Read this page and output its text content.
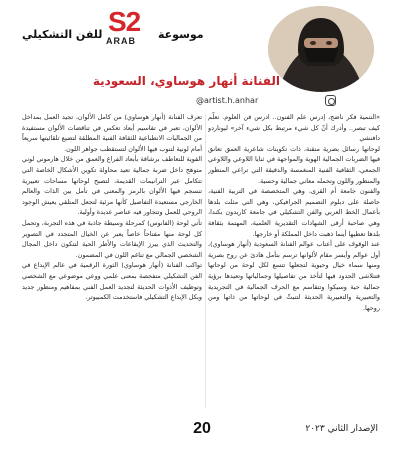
للفن التشكيلي S2
ARAB موسوعة
الفنانة أنهار هوساوي، السعودية
@artist.h.anhar

«التنمية فكر ناضج، إدرس علم الفنون.. ادرس فن العلوم. تعلَّم كيف تبصر.. وأدرك أنّ كل شيء مرتبط بكل شيء آخر» ليوناردو دافنشي

لوحاتها رسائل بصرية متقنة، ذات تكوينات شاعرية العمق تعانق فيها الضربات الجمالية الهوية والمواجهة في ثنايا اللاوعي واللاوعي الجمعي، الثقافية الفنية المنغمسة والدقيقة التي تراعي المنظور والمنظور واللون وتحمله معاني جمالية وحسية.

والفنون جامعة أم القرى، وهي المتخصصة في التربية الفنية، حاصلة على دبلوم التصميم الجرافيكي، وهي التي مثلت بلدها بأعمال الخط العربي والفن التشكيلي في جامعة كاريدون بكندا، وهي صاحبة أرقى الشهادات التقديرية العلمية، المهتمة بثقافة بلدها تعطيها أينما ذهبت داخل المملكة أو خارجها.

عند الوقوف على أعتاب عوالم الفنانة السعودية (أنهار هوساوي)، أول عوالم وأيسر مقام لألوانها ترسم بتأمل هادئ عن روح بصرية ومنها سماء خيال وحيوية لتجعلها تتسع لكل لوحة من لوحاتها فتتلاشى الحدود فيها لتأخذ من تفاصيلها وجمالياتها وتعيدها برؤية جمالية حية وسيكوا وتتقاسم مع الحرف الجمالية في التجريدية والتعبيرية والتعبيرية الحديثة لتنبثّ في لوحاتها من ذاتها ومن روحها.

تعرف الفنانة (أنهار هوساوي) من كامل الألوان، تجيد العمل بمداخل الألوان، تعبر في تقاسيم أبعاد تعكس في تناقضات الألوان مستفيدة من الجماليات الانطباعية للثقافة الفنية المطلقة لتضيع تلقائيتها سريعاً أمام لونية لتنوب فيها الألوان لتستقطب جواهر اللون.

القوية للتعاطف برشاقة بأبعاد الفراغ والعمق من خلال هارموني لوني متوهج داخل ضربة جمالية تعيد محاولة تكوين الأشكال الخاصة التي تتكامل عبر الترانيمات القديمة، لتصبح لوحاتها مساحات تعبيرية تنسجم فيها الألوان بالرمز والمعنى في تأمل بين الذات والعالم الخارجي مستعيدة التفاصيل كأنها مرئية لتجعل المتلقي يعيش الوجود الروحي للعمل وتتجاور فيه عناصر عديدة وأولية.

تأتي لوحة (الفانوس) كمرحلة وسيطة جاذبة في هذه التجربة، وتحمل كل لوحة منها مفتاحاً خاصاً يعبر عن الخيال المتجدد في التصوير والتحديث الذي يبرز الإيقاعات والأطر الحية لتتكون داخل المجال الشخصي الجمالي مع تناغم اللون في المضمون.

تواكب الفنانة (أنهار هوساوي) الثورة الرقمية في عالم الإبداع في الفن التشكيلي متفحصة بمعنى علمي ووعي موضوعي مع الشخصي وتوظيف الأدوات الحديثة لتجديد العمل الفني بمفاهيم ومنظور جديد وبكل الإبداع التشكيلي فاستخدمت الكمبيوتر.

20	الإصدار الثاني ٢٠٢٣
